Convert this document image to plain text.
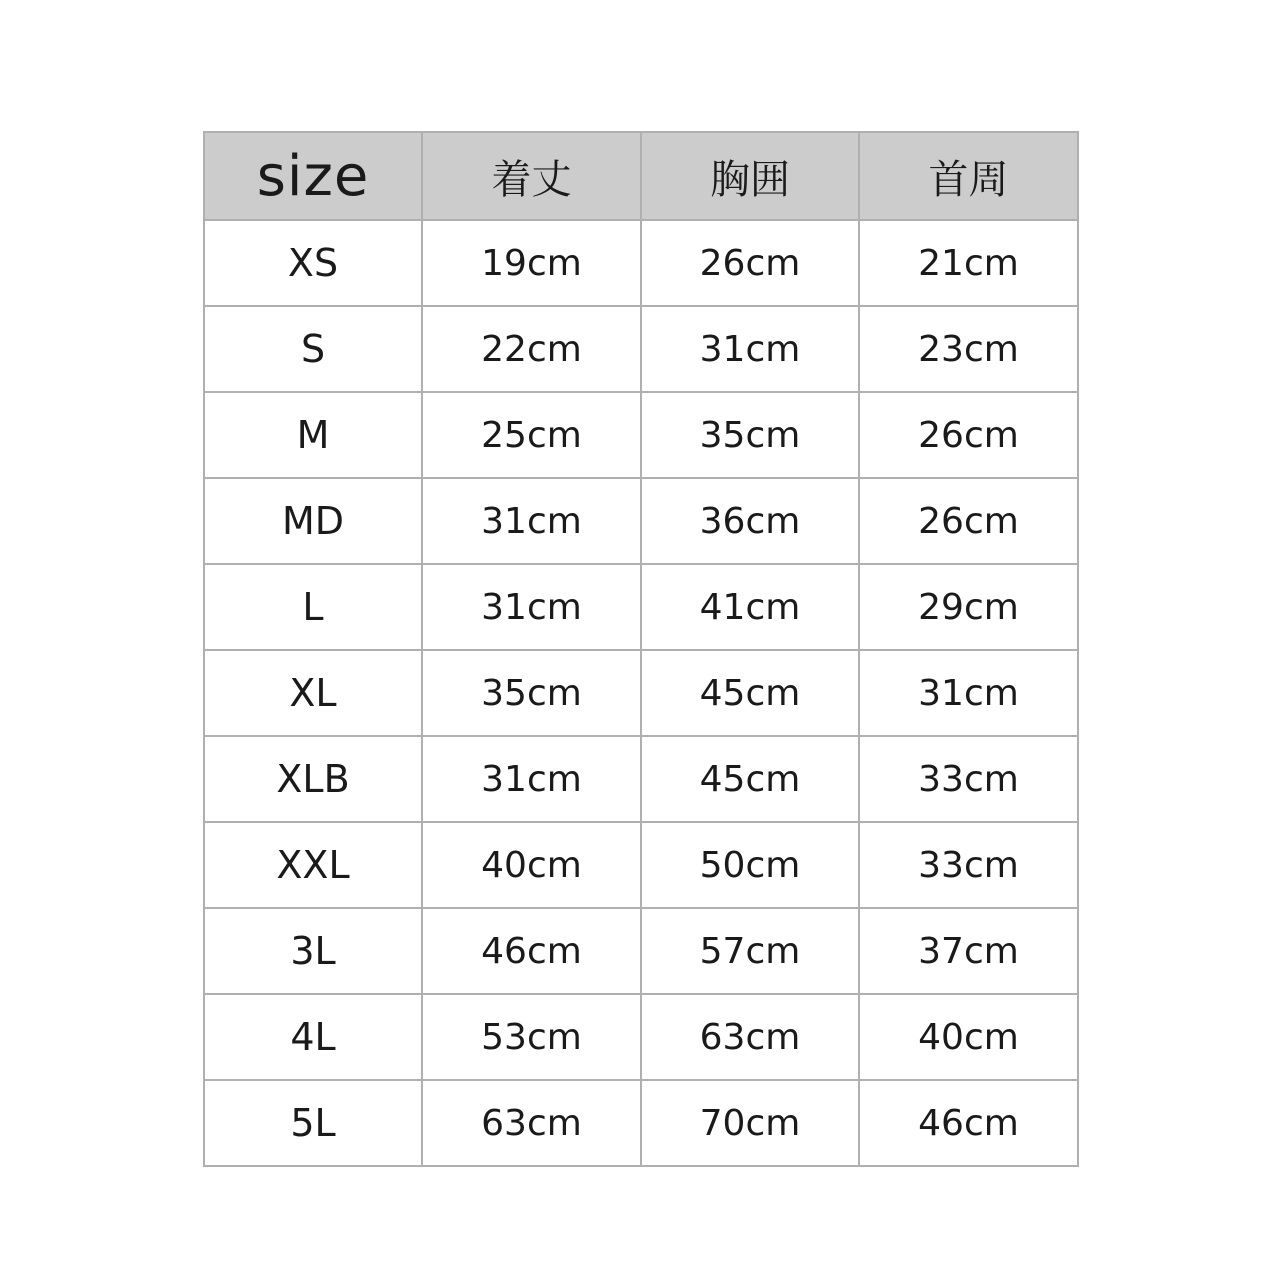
size	着丈	胸囲	首周
XS	19cm	26cm	21cm
S	22cm	31cm	23cm
M	25cm	35cm	26cm
MD	31cm	36cm	26cm
L	31cm	41cm	29cm
XL	35cm	45cm	31cm
XLB	31cm	45cm	33cm
XXL	40cm	50cm	33cm
3L	46cm	57cm	37cm
4L	53cm	63cm	40cm
5L	63cm	70cm	46cm
